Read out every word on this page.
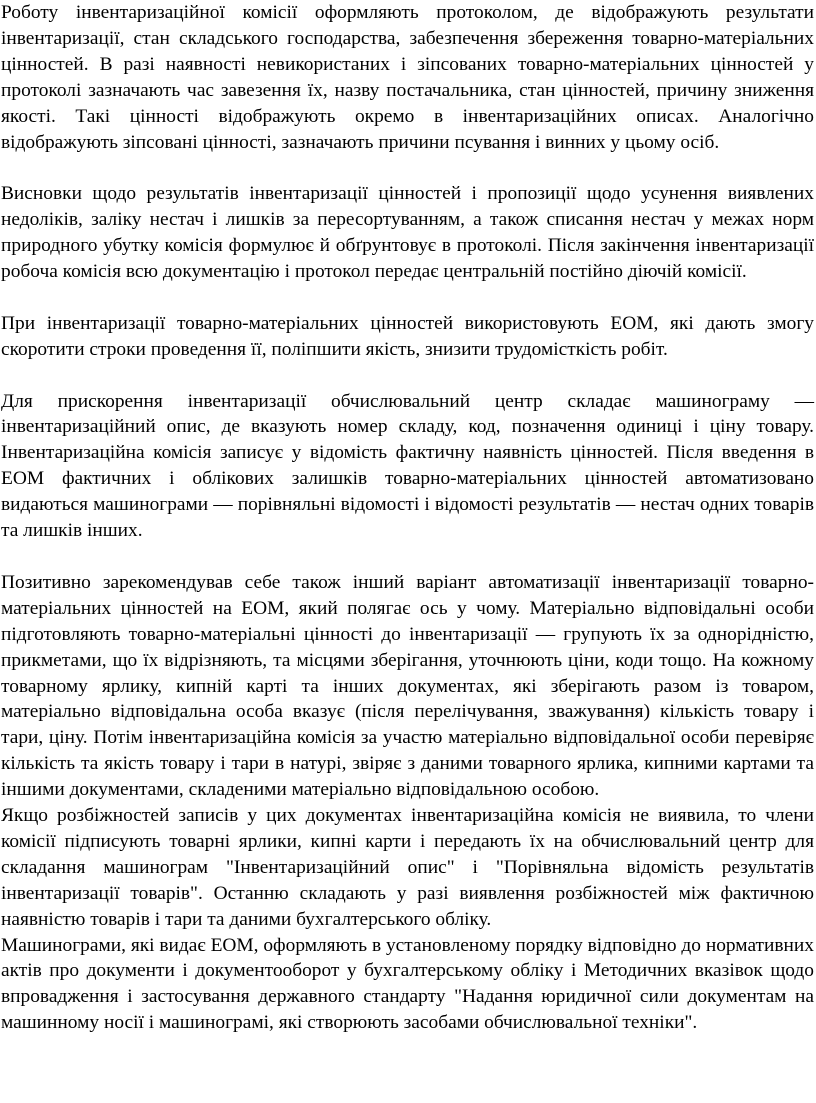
Роботу інвентаризаційної комісії оформляють протоколом, де відображують результати інвентаризації, стан складського господарства, забезпечення збереження товарно-матеріальних цінностей. В разі наявності невикористаних і зіпсованих товарно-матеріальних цінностей у протоколі зазначають час завезення їх, назву постачальника, стан цінностей, причину зниження якості. Такі цінності відображують окремо в інвентаризаційних описах. Аналогічно відображують зіпсовані цінності, зазначають причини псування і винних у цьому осіб.

Висновки щодо результатів інвентаризації цінностей і пропозиції щодо усунення виявлених недоліків, заліку нестач і лишків за пересортуванням, а також списання нестач у межах норм природного убутку комісія формулює й обґрунтовує в протоколі. Після закінчення інвентаризації робоча комісія всю документацію і протокол передає центральній постійно діючій комісії.

При інвентаризації товарно-матеріальних цінностей використовують ЕОМ, які дають змогу скоротити строки проведення її, поліпшити якість, знизити трудомісткість робіт.

Для прискорення інвентаризації обчислювальний центр складає машинограму — інвентаризаційний опис, де вказують номер складу, код, позначення одиниці і ціну товару. Інвентаризаційна комісія записує у відомість фактичну наявність цінностей. Після введення в ЕОМ фактичних і облікових залишків товарно-матеріальних цінностей автоматизовано видаються машинограми — порівняльні відомості і відомості результатів — нестач одних товарів та лишків інших.

Позитивно зарекомендував себе також інший варіант автоматизації інвентаризації товарно-матеріальних цінностей на ЕОМ, який полягає ось у чому. Матеріально відповідальні особи підготовляють товарно-матеріальні цінності до інвентаризації — групують їх за однорідністю, прикметами, що їх відрізняють, та місцями зберігання, уточнюють ціни, коди тощо. На кожному товарному ярлику, кипній карті та інших документах, які зберігають разом із товаром, матеріально відповідальна особа вказує (після перелічування, зважування) кількість товару і тари, ціну. Потім інвентаризаційна комісія за участю матеріально відповідальної особи перевіряє кількість та якість товару і тари в натурі, звіряє з даними товарного ярлика, кипними картами та іншими документами, складеними матеріально відповідальною особою.

Якщо розбіжностей записів у цих документах інвентаризаційна комісія не виявила, то члени комісії підписують товарні ярлики, кипні карти і передають їх на обчислювальний центр для складання машинограм "Інвентаризаційний опис" і "Порівняльна відомість результатів інвентаризації товарів". Останню складають у разі виявлення розбіжностей між фактичною наявністю товарів і тари та даними бухгалтерського обліку.

Машинограми, які видає ЕОМ, оформляють в установленому порядку відповідно до нормативних актів про документи і документооборот у бухгалтерському обліку і Методичних вказівок щодо впровадження і застосування державного стандарту "Надання юридичної сили документам на машинному носії і машинограмі, які створюють засобами обчислювальної техніки".
